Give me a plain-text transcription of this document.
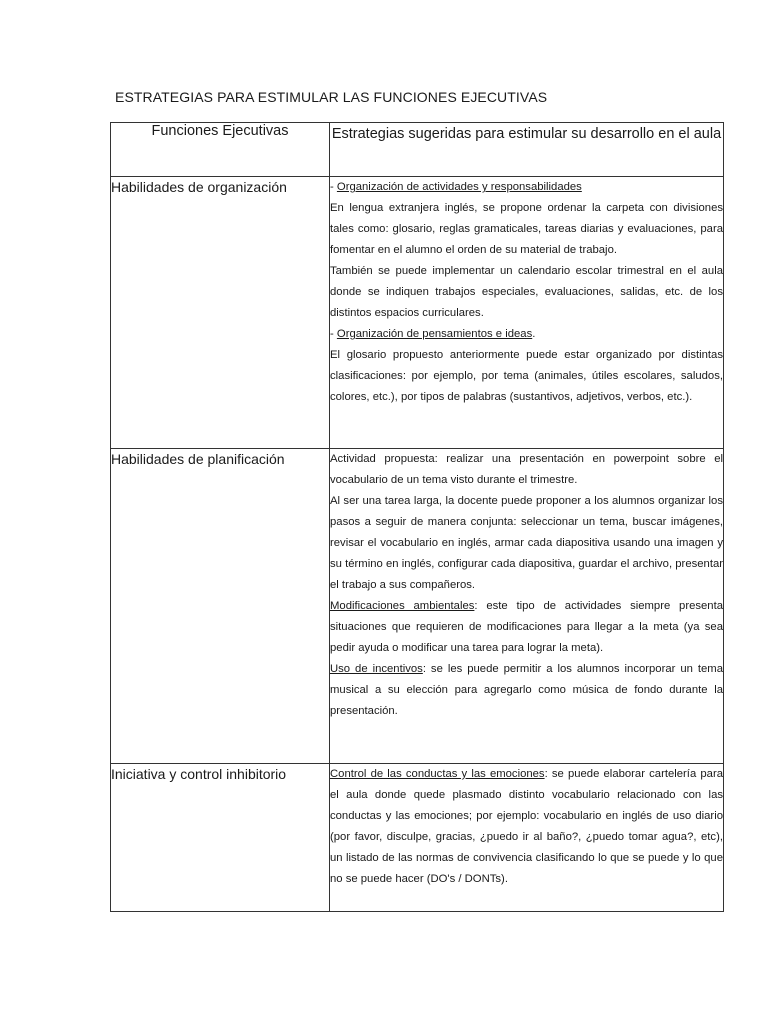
ESTRATEGIAS PARA ESTIMULAR LAS FUNCIONES EJECUTIVAS
Funciones Ejecutivas	Estrategias sugeridas para estimular su desarrollo en el aula
Habilidades de organización	- Organización de actividades y responsabilidades

En lengua extranjera inglés, se propone ordenar la carpeta con divisiones tales como: glosario, reglas gramaticales, tareas diarias y evaluaciones, para fomentar en el alumno el orden de su material de trabajo.

También se puede implementar un calendario escolar trimestral en el aula donde se indiquen trabajos especiales, evaluaciones, salidas, etc. de los distintos espacios curriculares.

- Organización de pensamientos e ideas.

El glosario propuesto anteriormente puede estar organizado por distintas clasificaciones: por ejemplo, por tema (animales, útiles escolares, saludos, colores, etc.), por tipos de palabras (sustantivos, adjetivos, verbos, etc.).

Habilidades de planificación	Actividad propuesta: realizar una presentación en powerpoint sobre el vocabulario de un tema visto durante el trimestre.

Al ser una tarea larga, la docente puede proponer a los alumnos organizar los pasos a seguir de manera conjunta: seleccionar un tema, buscar imágenes, revisar el vocabulario en inglés, armar cada diapositiva usando una imagen y su término en inglés, configurar cada diapositiva, guardar el archivo, presentar el trabajo a sus compañeros.

Modificaciones ambientales: este tipo de actividades siempre presenta situaciones que requieren de modificaciones para llegar a la meta (ya sea pedir ayuda o modificar una tarea para lograr la meta).

Uso de incentivos: se les puede permitir a los alumnos incorporar un tema musical a su elección para agregarlo como música de fondo durante la presentación.

Iniciativa y control inhibitorio	Control de las conductas y las emociones: se puede elaborar cartelería para el aula donde quede plasmado distinto vocabulario relacionado con las conductas y las emociones; por ejemplo: vocabulario en inglés de uso diario (por favor, disculpe, gracias, ¿puedo ir al baño?, ¿puedo tomar agua?, etc), un listado de las normas de convivencia clasificando lo que se puede y lo que no se puede hacer (DO's / DONTs).
